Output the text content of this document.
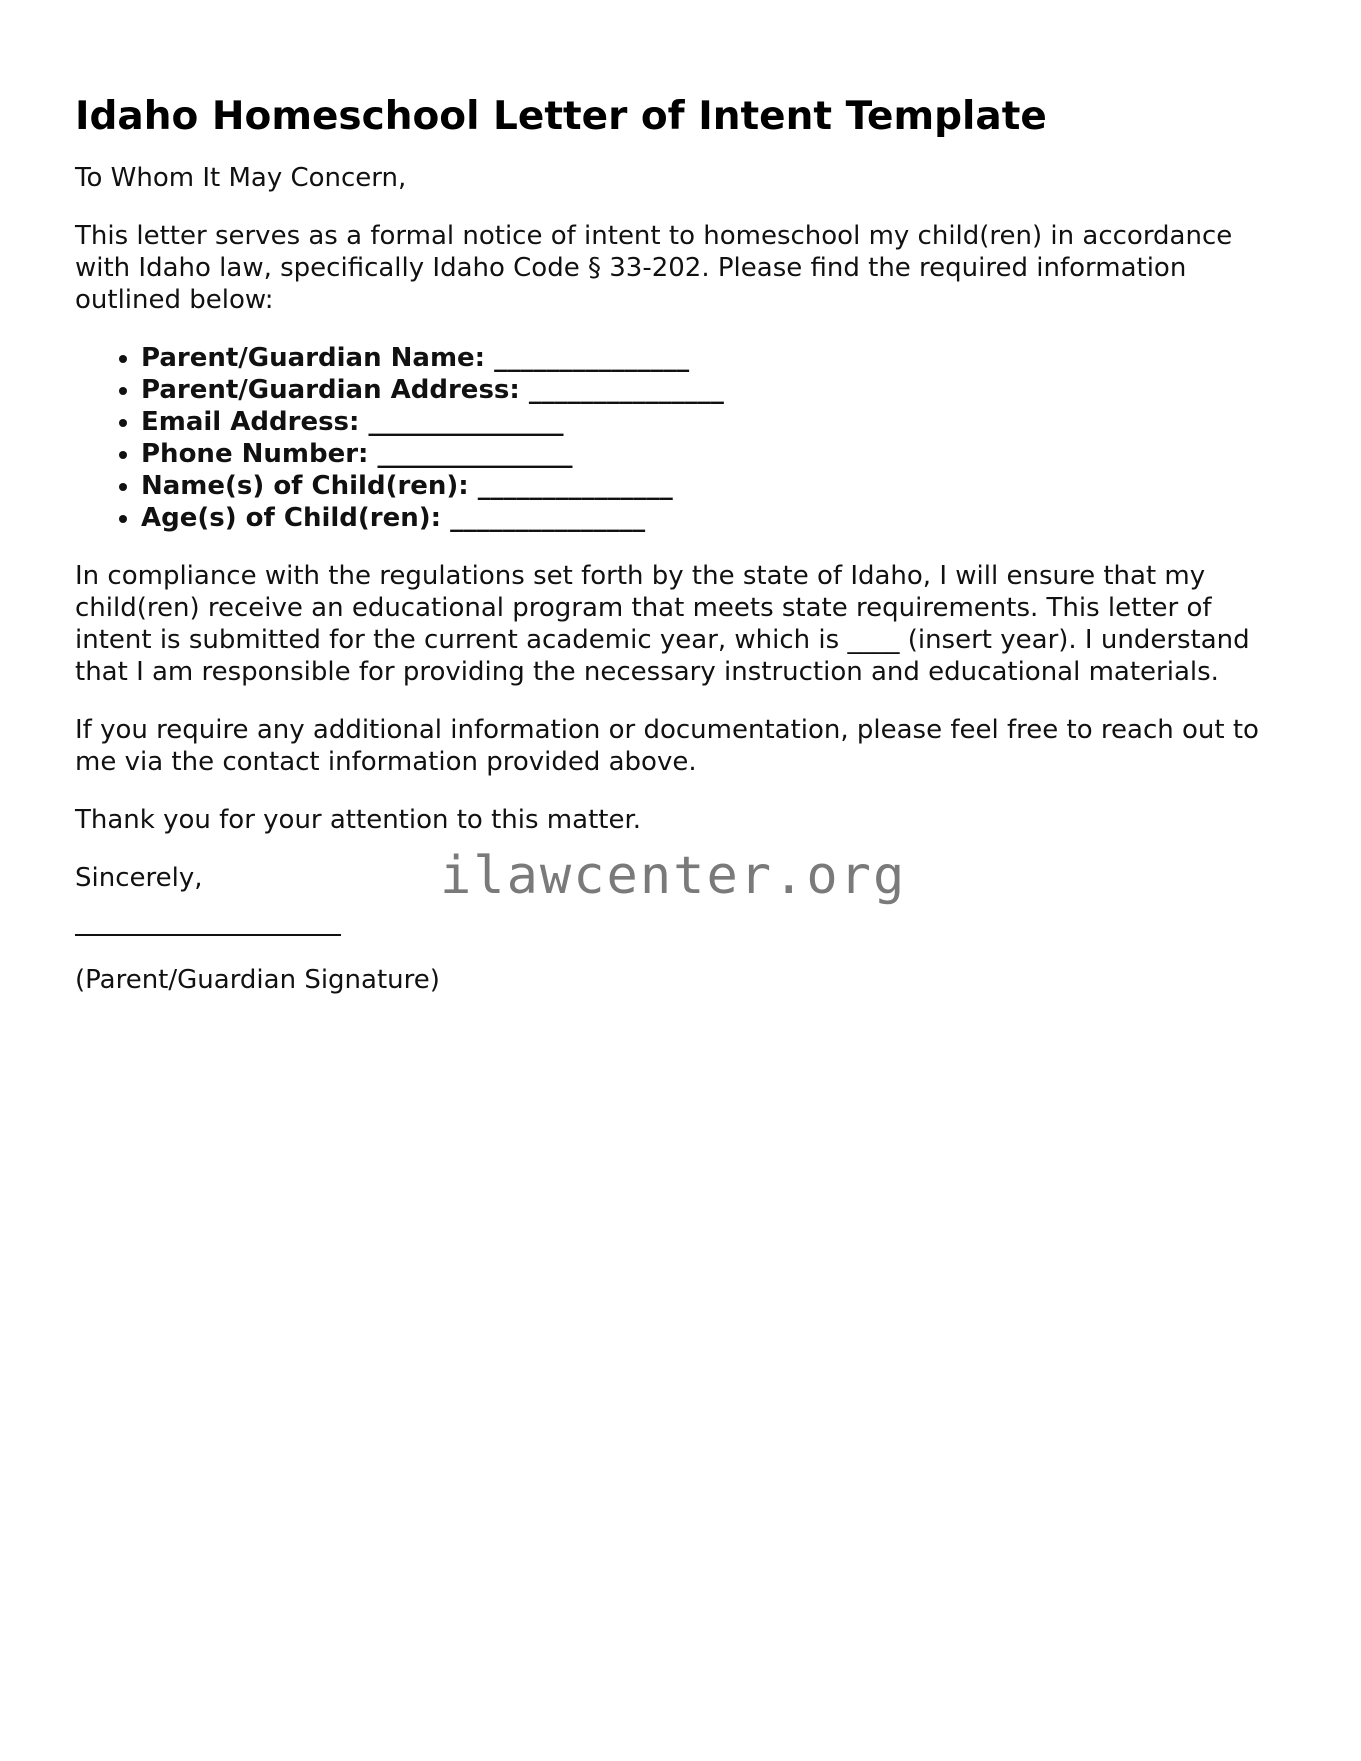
Idaho Homeschool Letter of Intent Template

To Whom It May Concern,

This letter serves as a formal notice of intent to homeschool my child(ren) in accordance with Idaho law, specifically Idaho Code § 33-202. Please find the required information outlined below:

• Parent/Guardian Name: _______________
• Parent/Guardian Address: _______________
• Email Address: _______________
• Phone Number: _______________
• Name(s) of Child(ren): _______________
• Age(s) of Child(ren): _______________

In compliance with the regulations set forth by the state of Idaho, I will ensure that my child(ren) receive an educational program that meets state requirements. This letter of intent is submitted for the current academic year, which is ____ (insert year). I understand that I am responsible for providing the necessary instruction and educational materials.

If you require any additional information or documentation, please feel free to reach out to me via the contact information provided above.

Thank you for your attention to this matter.

Sincerely,

(Parent/Guardian Signature)

ilawcenter.org
